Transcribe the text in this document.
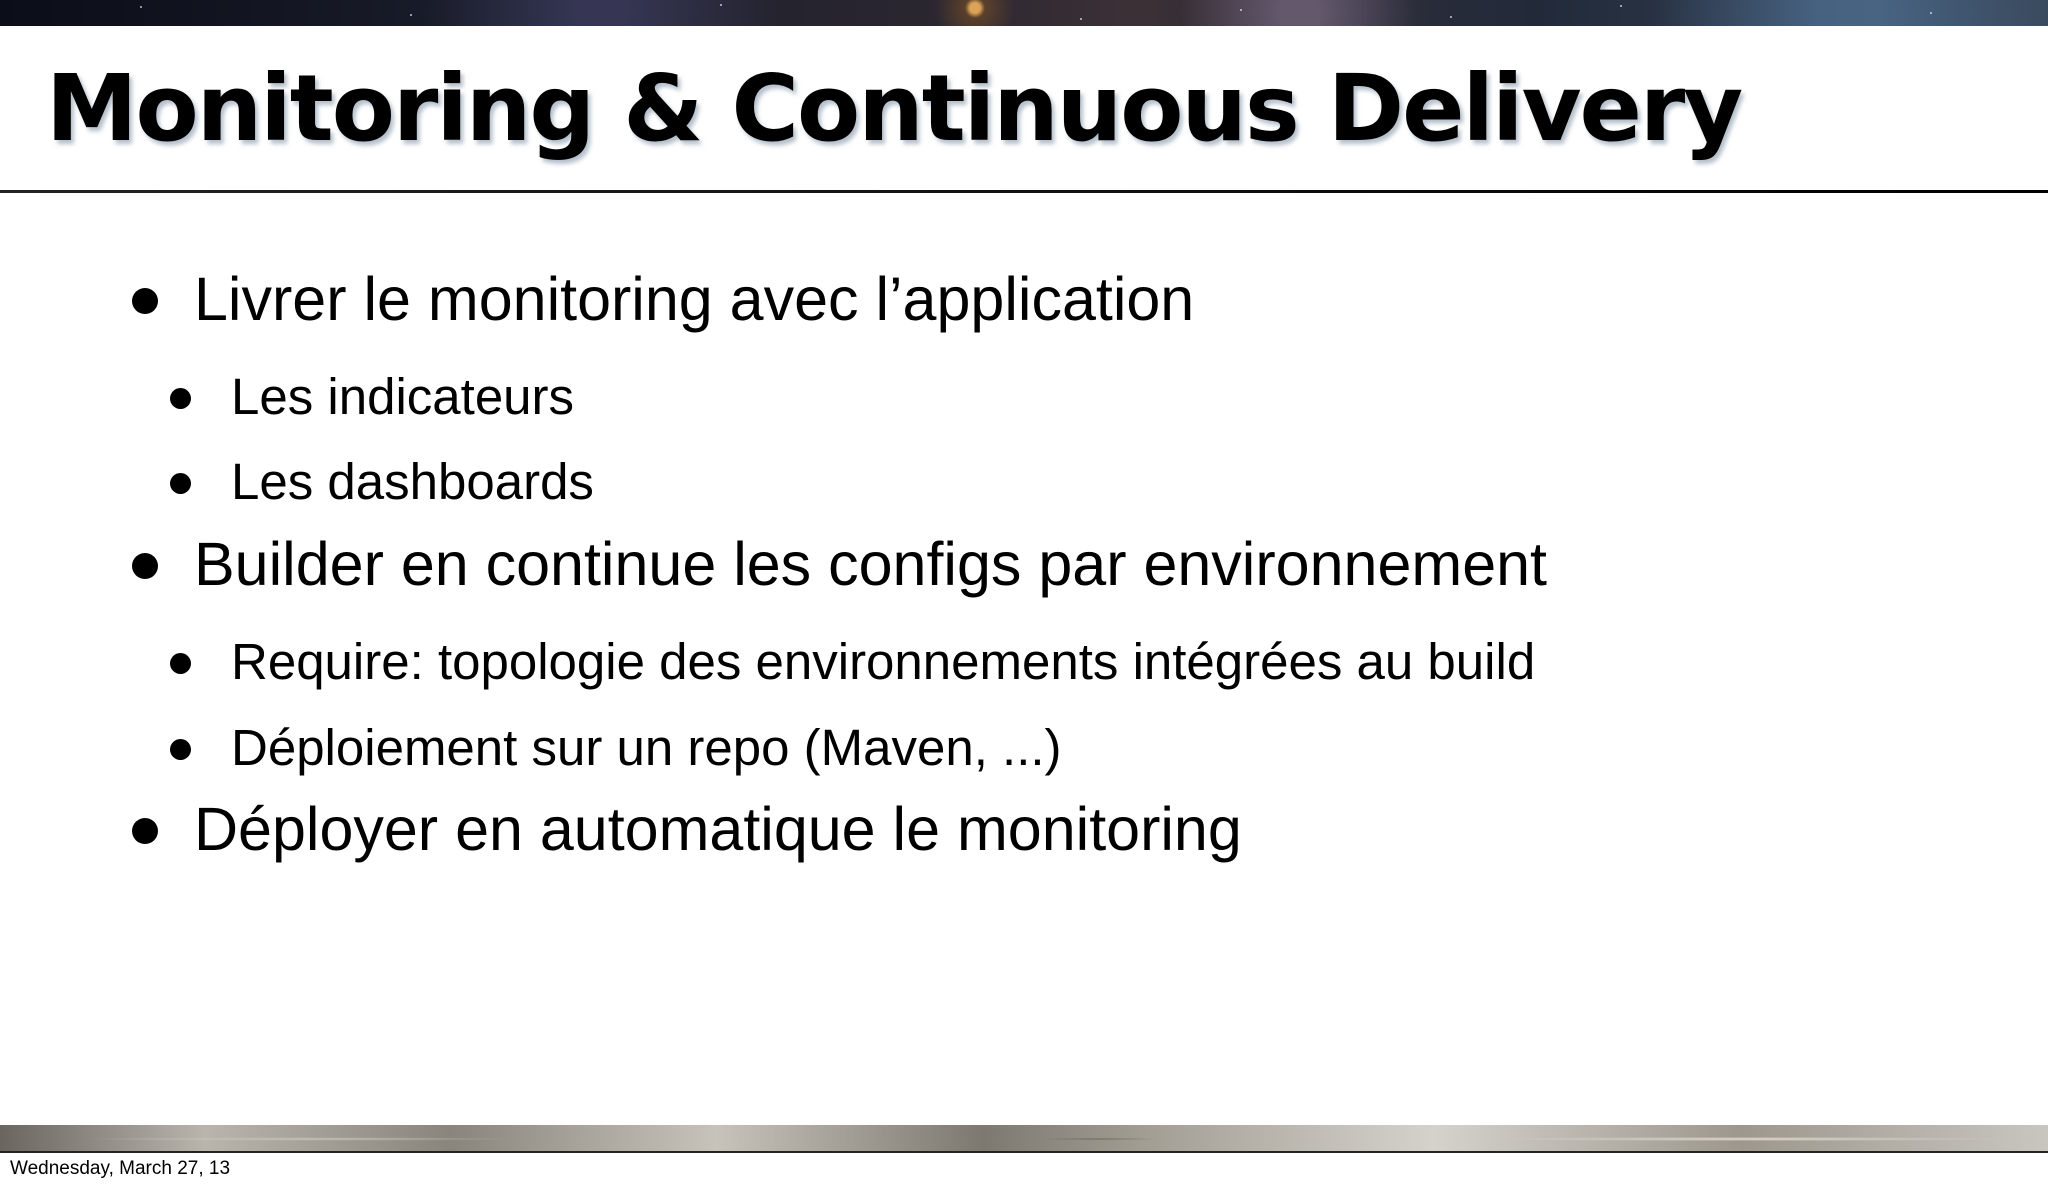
Monitoring & Continuous Delivery
Livrer le monitoring avec l’application
Les indicateurs
Les dashboards
Builder en continue les configs par environnement
Require: topologie des environnements intégrées au build
Déploiement sur un repo (Maven, ...)
Déployer en automatique le monitoring
Wednesday, March 27, 13
